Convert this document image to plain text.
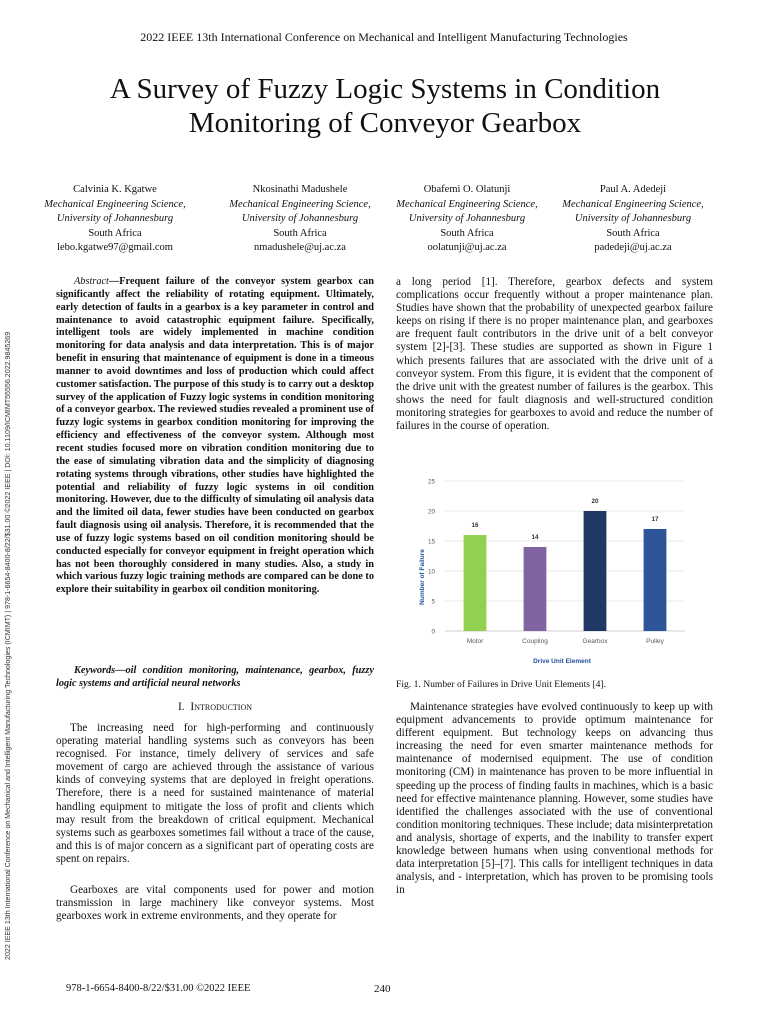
2022 IEEE 13th International Conference on Mechanical and Intelligent Manufacturing Technologies (ICMIMT) | 978-1-6654-8400-8/22/$31.00 ©2022 IEEE | DOI: 10.1109/ICMIMT55556.2022.9845269
2022 IEEE 13th International Conference on Mechanical and Intelligent Manufacturing Technologies
A Survey of Fuzzy Logic Systems in Condition
Monitoring of Conveyor Gearbox
Calvinia K. Kgatwe
Mechanical Engineering Science,
University of Johannesburg
South Africa
lebo.kgatwe97@gmail.com
Nkosinathi Madushele
Mechanical Engineering Science,
University of Johannesburg
South Africa
nmadushele@uj.ac.za
Obafemi O. Olatunji
Mechanical Engineering Science,
University of Johannesburg
South Africa
oolatunji@uj.ac.za
Paul A. Adedeji
Mechanical Engineering Science,
University of Johannesburg
South Africa
padedeji@uj.ac.za

Abstract—Frequent failure of the conveyor system gearbox can significantly affect the reliability of rotating equipment. Ultimately, early detection of faults in a gearbox is a key parameter in control and maintenance to avoid catastrophic equipment failure. Specifically, intelligent tools are widely implemented in machine condition monitoring for data analysis and data interpretation. This is of major benefit in ensuring that maintenance of equipment is done in a timeous manner to avoid downtimes and loss of production which could affect customer satisfaction. The purpose of this study is to carry out a desktop survey of the application of Fuzzy logic systems in condition monitoring of a conveyor gearbox. The reviewed studies revealed a prominent use of fuzzy logic systems in gearbox condition monitoring for improving the efficiency and effectiveness of the conveyor system. Although most recent studies focused more on vibration condition monitoring due to the ease of simulating vibration data and the simplicity of diagnosing rotating systems through vibrations, other studies have highlighted the potential and reliability of fuzzy logic systems in oil condition monitoring. However, due to the difficulty of simulating oil analysis data and the limited oil data, fewer studies have been conducted on gearbox fault diagnosis using oil analysis. Therefore, it is recommended that the use of fuzzy logic systems based on oil condition monitoring should be conducted especially for conveyor equipment in freight operation which has not been thoroughly considered in many studies. Also, a study in which various fuzzy logic training methods are compared can be done to explore their suitability in gearbox oil condition monitoring.

Keywords—oil condition monitoring, maintenance, gearbox, fuzzy logic systems and artificial neural networks

I. Introduction

The increasing need for high-performing and continuously operating material handling systems such as conveyors has been recognised. For instance, timely delivery of services and safe movement of cargo are achieved through the assistance of various kinds of conveying systems that are deployed in freight operations. Therefore, there is a need for sustained maintenance of material handling equipment to mitigate the loss of profit and clients which may result from the breakdown of critical equipment. Mechanical systems such as gearboxes sometimes fail without a trace of the cause, and this is of major concern as a significant part of operating costs are spent on repairs.

Gearboxes are vital components used for power and motion transmission in large machinery like conveyor systems. Most gearboxes work in extreme environments, and they operate for

a long period [1]. Therefore, gearbox defects and system complications occur frequently without a proper maintenance plan. Studies have shown that the probability of unexpected gearbox failure keeps on rising if there is no proper maintenance plan, and gearboxes are frequent fault contributors in the drive unit of a belt conveyor system [2]-[3]. These studies are supported as shown in Figure 1 which presents failures that are associated with the drive unit of a conveyor system. From this figure, it is evident that the component of the drive unit with the greatest number of failures is the gearbox. This shows the need for fault diagnosis and well-structured condition monitoring strategies for gearboxes to avoid and reduce the number of failures in the course of operation.

0
5
10
15
20
25
16
14
20
17
Motor	Coupling	Gearbox	Pulley
Number of Failure
Drive Unit Element
Fig. 1. Number of Failures in Drive Unit Elements [4].

Maintenance strategies have evolved continuously to keep up with equipment advancements to provide optimum maintenance for different equipment. But technology keeps on advancing thus increasing the need for even smarter maintenance methods for maintenance of modernised equipment. The use of condition monitoring (CM) in maintenance has proven to be more influential in speeding up the process of finding faults in machines, which is a basic need for effective maintenance planning. However, some studies have identified the challenges associated with the use of conventional condition monitoring techniques. These include; data misinterpretation and analysis, shortage of experts, and the inability to transfer expert knowledge between humans when using conventional methods for data interpretation [5]–[7]. This calls for intelligent techniques in data analysis, and - interpretation, which has proven to be promising tools in

978-1-6654-8400-8/22/$31.00 ©2022 IEEE	240
